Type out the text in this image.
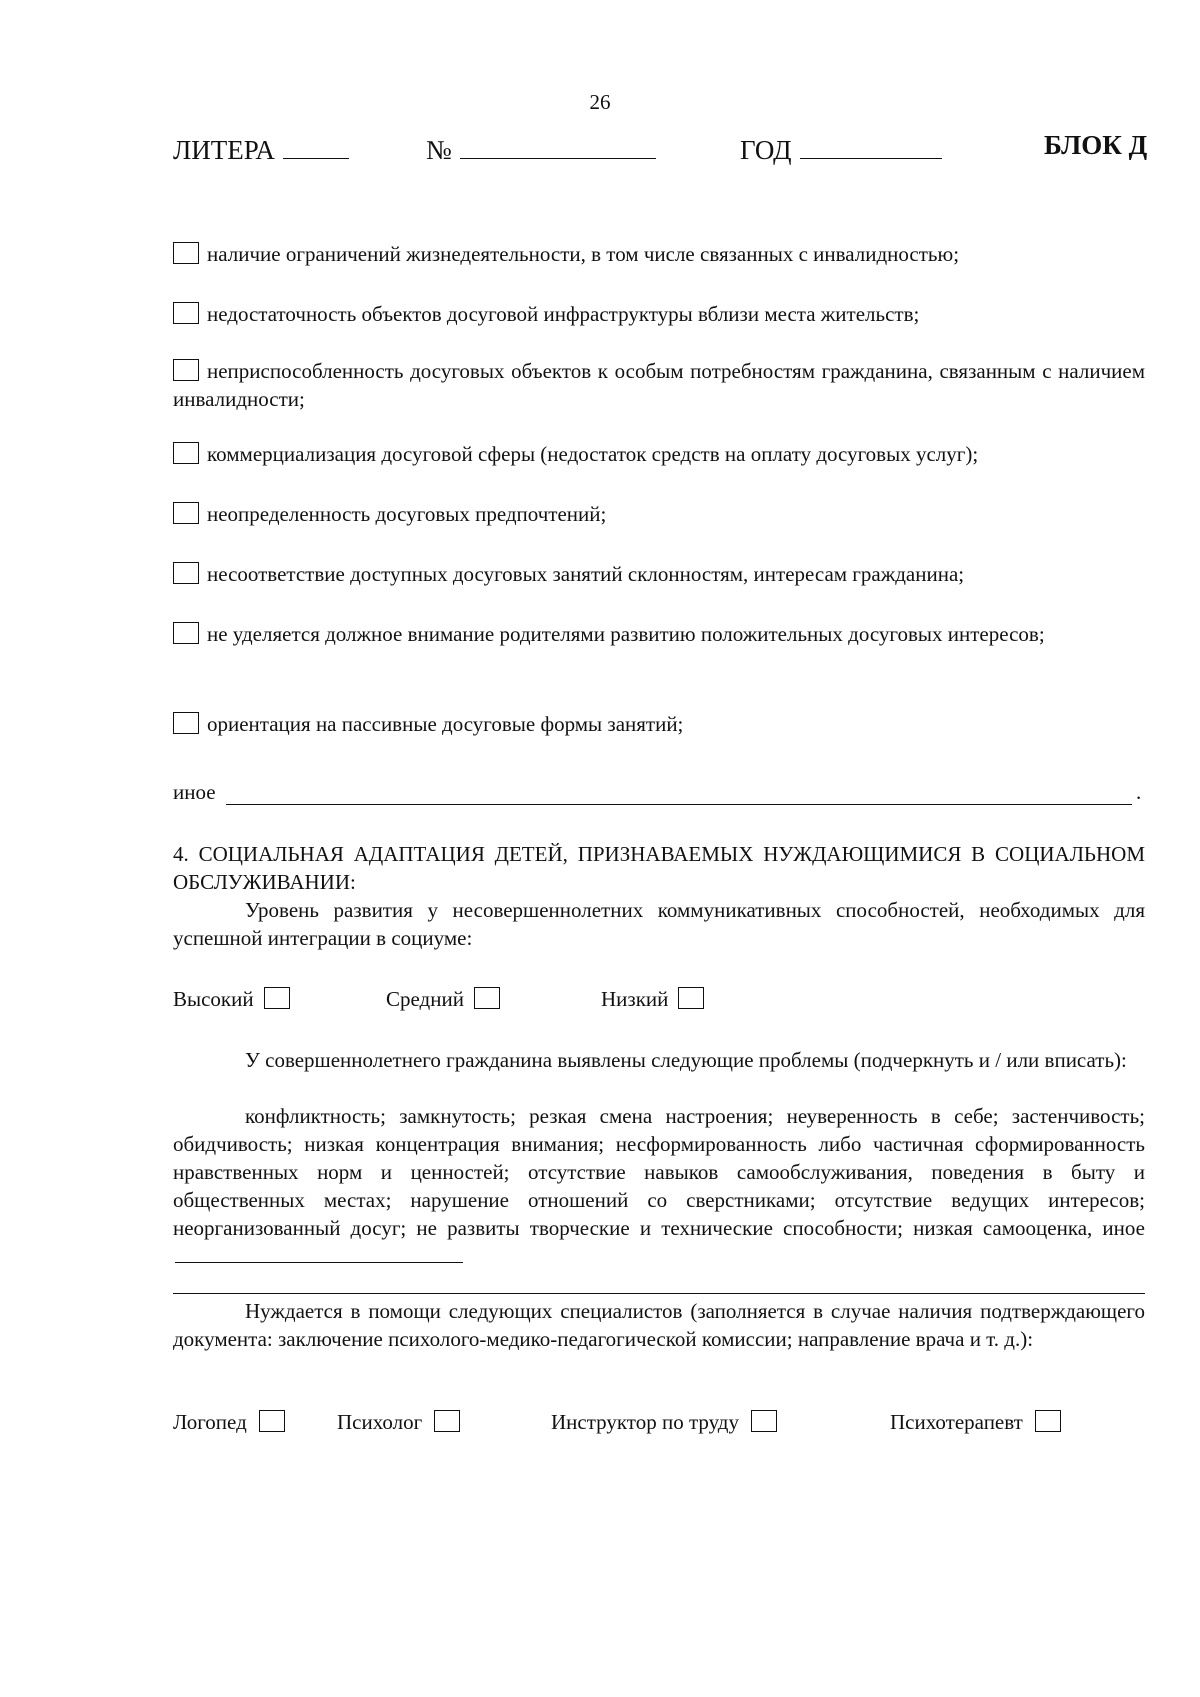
26
ЛИТЕРА	№	ГОД	БЛОК Д
наличие ограничений жизнедеятельности, в том числе связанных с инвалидностью;
недостаточность объектов досуговой инфраструктуры вблизи места жительств;
неприспособленность досуговых объектов к особым потребностям гражданина, связанным с наличием инвалидности;
коммерциализация досуговой сферы (недостаток средств на оплату досуговых услуг);
неопределенность досуговых предпочтений;
несоответствие доступных досуговых занятий склонностям, интересам гражданина;
не уделяется должное внимание родителями развитию положительных досуговых интересов;
ориентация на пассивные досуговые формы занятий;
иное	.
4. СОЦИАЛЬНАЯ АДАПТАЦИЯ ДЕТЕЙ, ПРИЗНАВАЕМЫХ НУЖДАЮЩИМИСЯ В СОЦИАЛЬНОМ ОБСЛУЖИВАНИИ:
Уровень развития у несовершеннолетних коммуникативных способностей, необходимых для успешной интеграции в социуме:
Высокий	Средний	Низкий
У совершеннолетнего гражданина выявлены следующие проблемы (подчеркнуть и / или вписать):
конфликтность; замкнутость; резкая смена настроения; неуверенность в себе; застенчивость; обидчивость; низкая концентрация внимания; несформированность либо частичная сформированность нравственных норм и ценностей; отсутствие навыков самообслуживания, поведения в быту и общественных местах; нарушение отношений со сверстниками; отсутствие ведущих интересов; неорганизованный досуг; не развиты творческие и технические способности; низкая самооценка, иное
Нуждается в помощи следующих специалистов (заполняется в случае наличия подтверждающего документа: заключение психолого-медико-педагогической комиссии; направление врача и т. д.):
Логопед	Психолог	Инструктор по труду	Психотерапевт
